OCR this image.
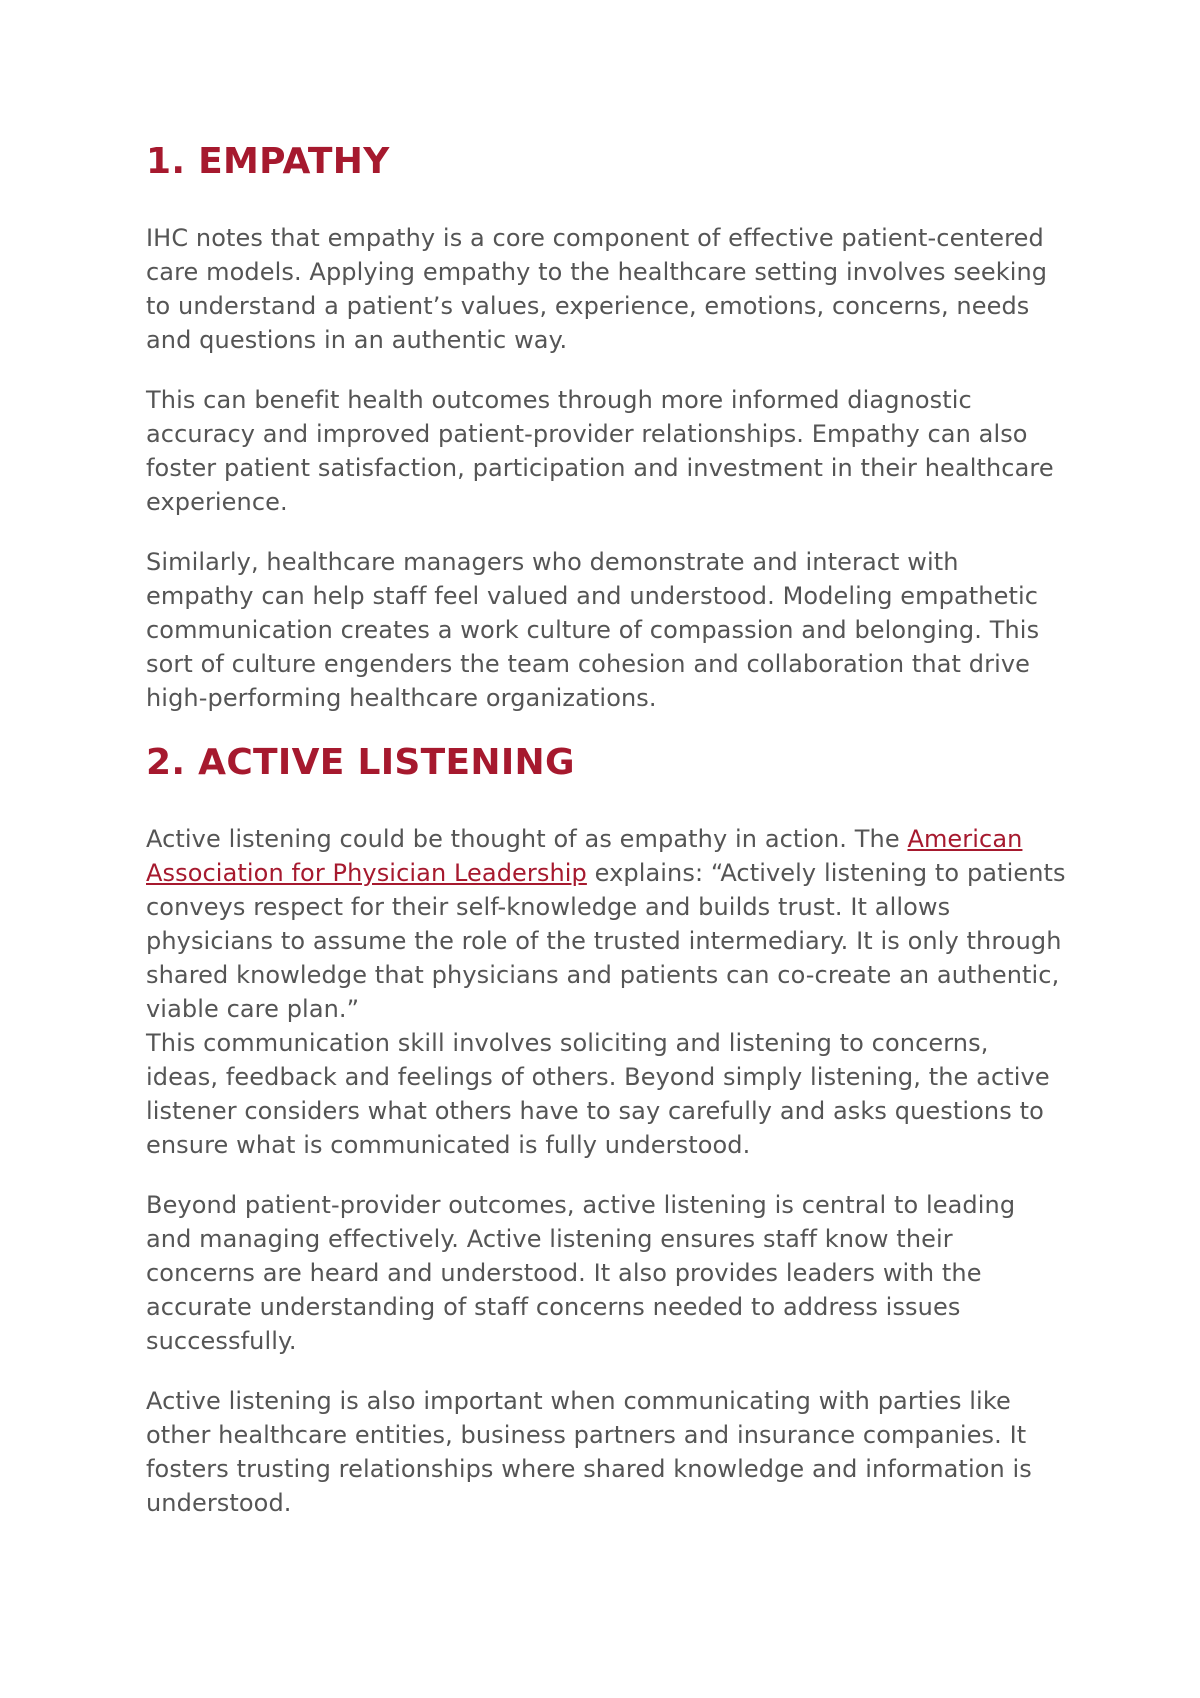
1. EMPATHY

IHC notes that empathy is a core component of effective patient-centered care models. Applying empathy to the healthcare setting involves seeking to understand a patient’s values, experience, emotions, concerns, needs and questions in an authentic way.

This can benefit health outcomes through more informed diagnostic accuracy and improved patient-provider relationships. Empathy can also foster patient satisfaction, participation and investment in their healthcare experience.

Similarly, healthcare managers who demonstrate and interact with empathy can help staff feel valued and understood. Modeling empathetic communication creates a work culture of compassion and belonging. This sort of culture engenders the team cohesion and collaboration that drive high-performing healthcare organizations.

2. ACTIVE LISTENING

Active listening could be thought of as empathy in action. The American Association for Physician Leadership explains: “Actively listening to patients conveys respect for their self-knowledge and builds trust. It allows physicians to assume the role of the trusted intermediary. It is only through shared knowledge that physicians and patients can co-create an authentic, viable care plan.”

This communication skill involves soliciting and listening to concerns, ideas, feedback and feelings of others. Beyond simply listening, the active listener considers what others have to say carefully and asks questions to ensure what is communicated is fully understood.

Beyond patient-provider outcomes, active listening is central to leading and managing effectively. Active listening ensures staff know their concerns are heard and understood. It also provides leaders with the accurate understanding of staff concerns needed to address issues successfully.

Active listening is also important when communicating with parties like other healthcare entities, business partners and insurance companies. It fosters trusting relationships where shared knowledge and information is understood.
